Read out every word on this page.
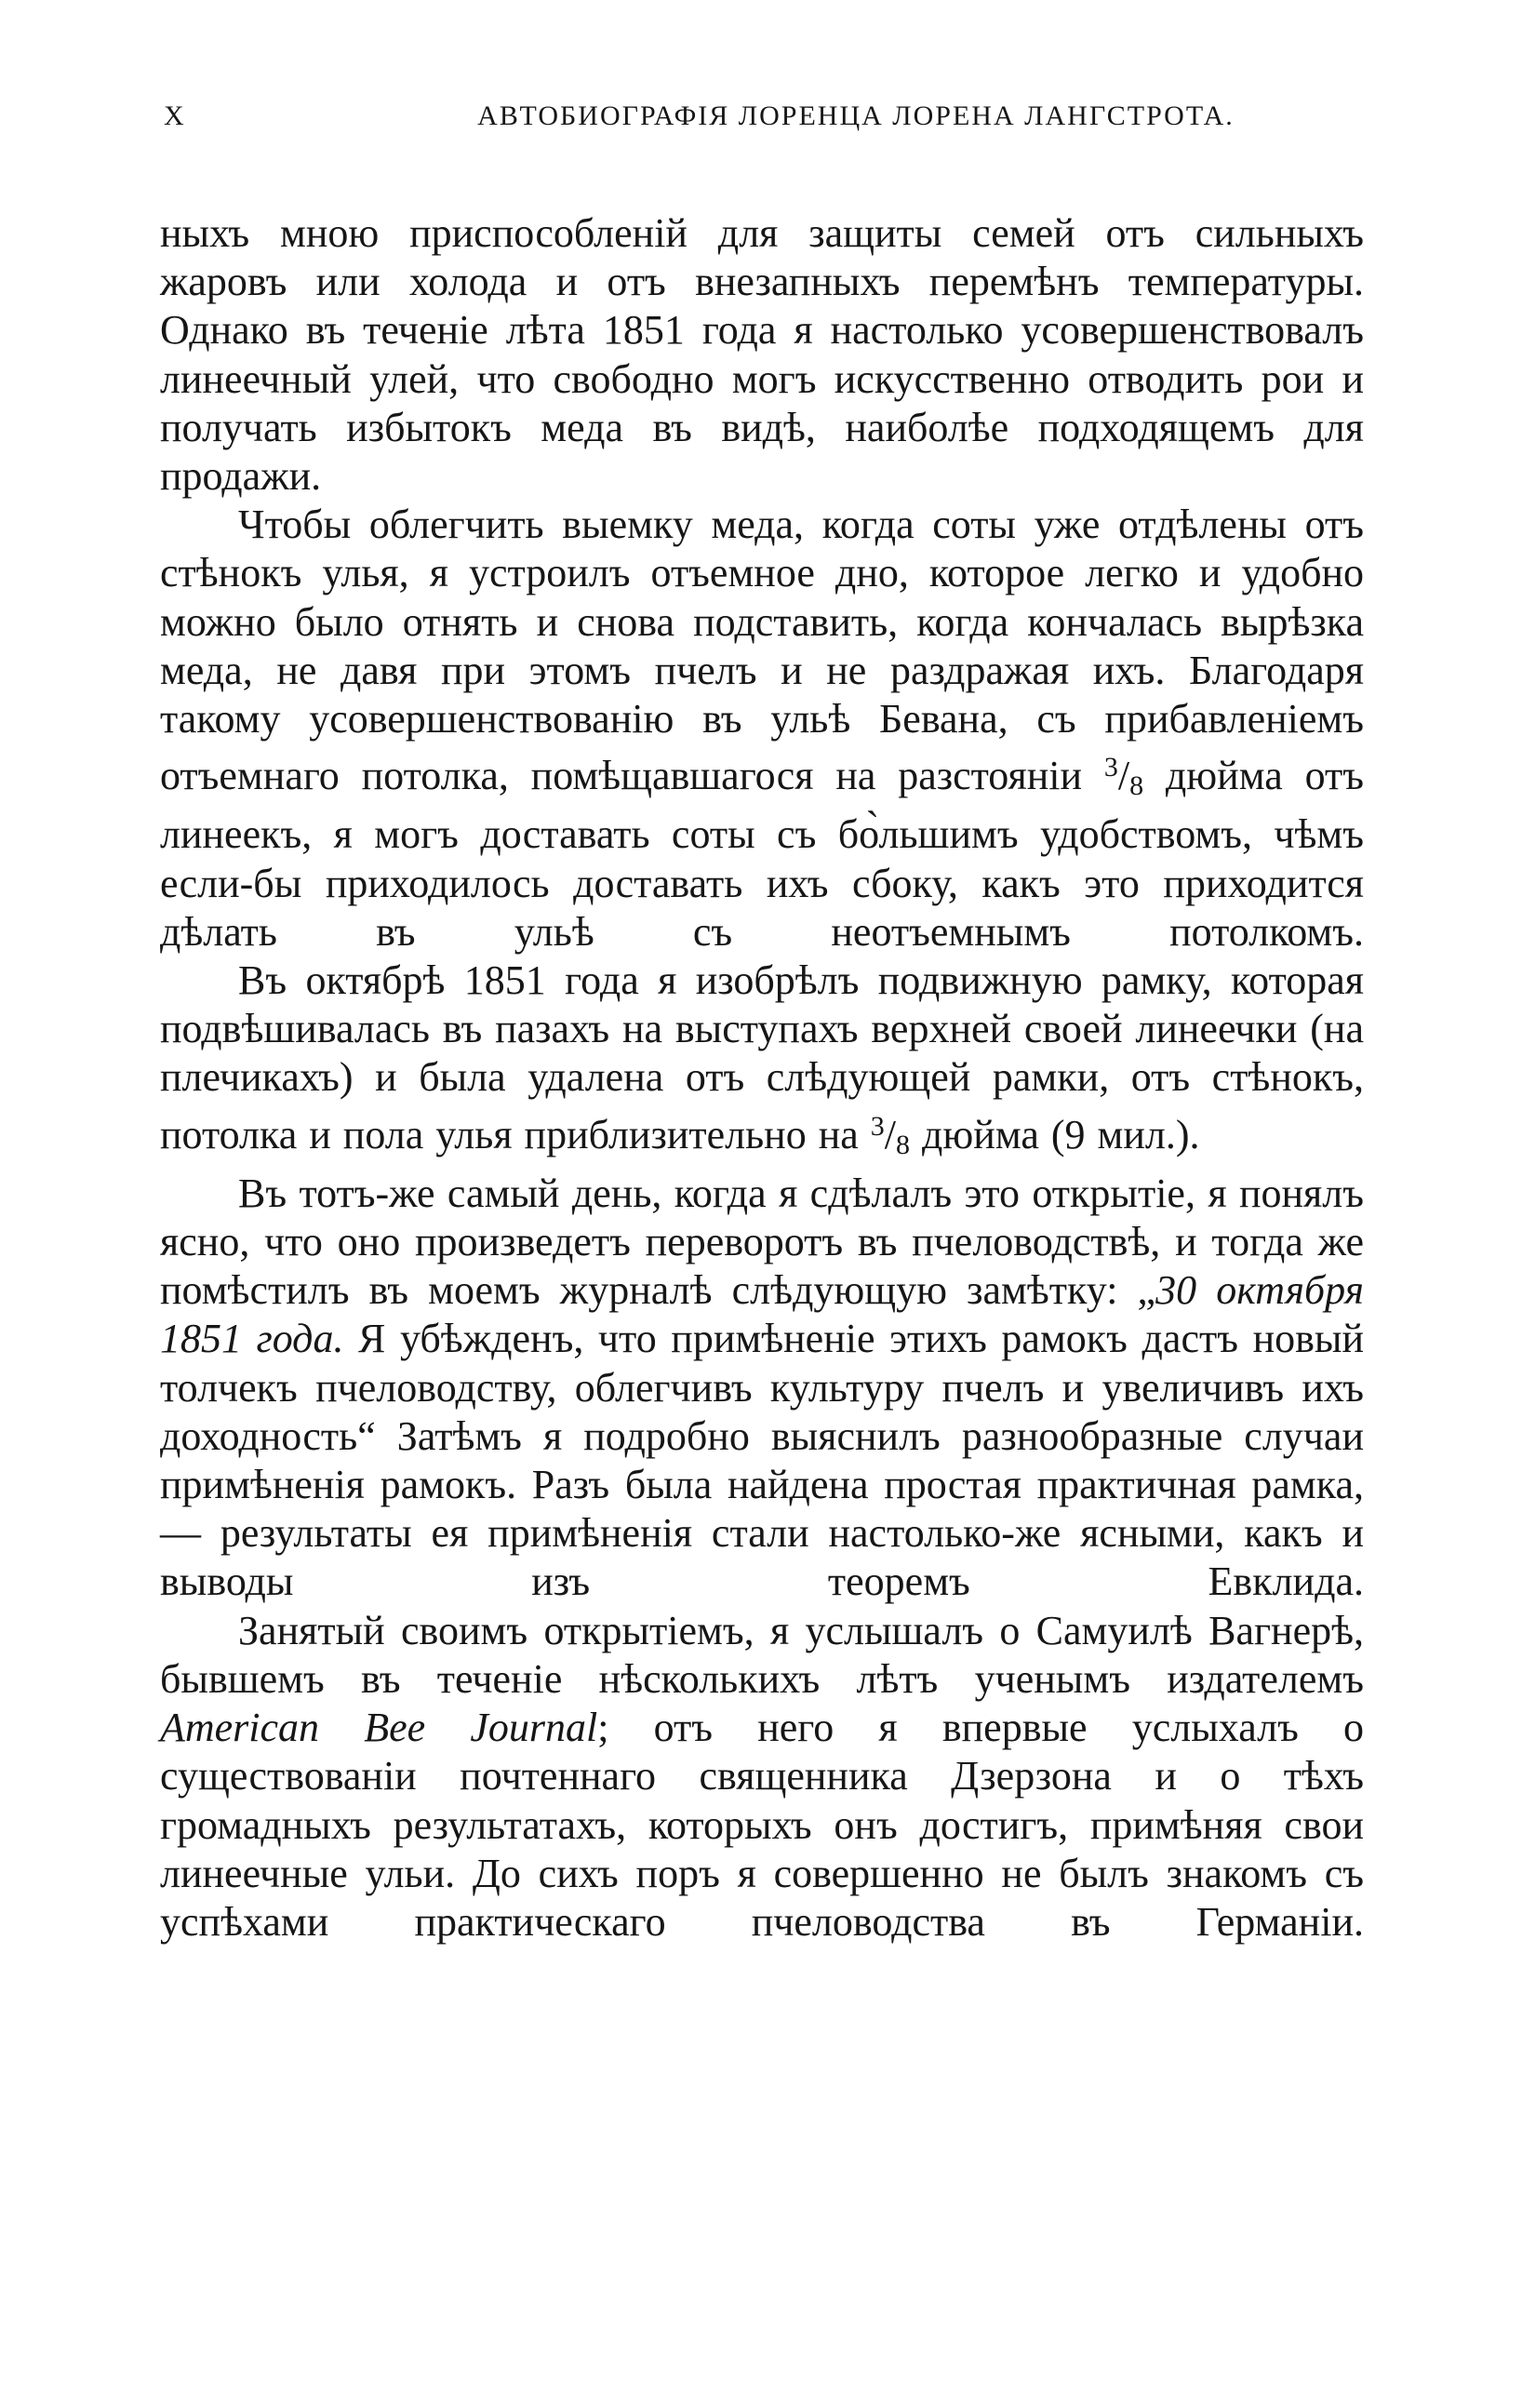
X	АВТОБИОГРАФІЯ ЛОРЕНЦА ЛОРЕНА ЛАНГСТРОТА.

ныхъ мною приспособленій для защиты семей отъ сильныхъ жаровъ или холода и отъ внезапныхъ перемѣнъ температуры. Однако въ теченіе лѣта 1851 года я настолько усовершенствовалъ линеечный улей, что свободно могъ искусственно отводить рои и получать избытокъ меда въ видѣ, наиболѣе подходящемъ для продажи.

Чтобы облегчить выемку меда, когда соты уже отдѣлены отъ стѣнокъ улья, я устроилъ отъемное дно, которое легко и удобно можно было отнять и снова подставить, когда кончалась вырѣзка меда, не давя при этомъ пчелъ и не раздражая ихъ. Благодаря такому усовершенствованію въ ульѣ Бевана, съ прибавленіемъ отъемнаго потолка, помѣщавшагося на разстояніи $^3$/8 дюйма отъ линеекъ, я могъ доставать соты съ бо̀льшимъ удобствомъ, чѣмъ если-бы приходилось доставать ихъ сбоку, какъ это приходится дѣлать въ ульѣ съ неотъемнымъ потолкомъ.

Въ октябрѣ 1851 года я изобрѣлъ подвижную рамку, которая подвѣшивалась въ пазахъ на выступахъ верхней своей линеечки (на плечикахъ) и была удалена отъ слѣдующей рамки, отъ стѣнокъ, потолка и пола улья приблизительно на $^3$/8 дюйма (9 мил.).

Въ тотъ-же самый день, когда я сдѣлалъ это открытіе, я понялъ ясно, что оно произведетъ переворотъ въ пчеловодствѣ, и тогда же помѣстилъ въ моемъ журналѣ слѣдующую замѣтку: „30 октября 1851 года. Я убѣжденъ, что примѣненіе этихъ рамокъ дастъ новый толчекъ пчеловодству, облегчивъ культуру пчелъ и увеличивъ ихъ доходность“ Затѣмъ я подробно выяснилъ разнообразные случаи примѣненія рамокъ. Разъ была найдена простая практичная рамка,— результаты ея примѣненія стали настолько-же ясными, какъ и выводы изъ теоремъ Евклида.

Занятый своимъ открытіемъ, я услышалъ о Самуилѣ Вагнерѣ, бывшемъ въ теченіе нѣсколькихъ лѣтъ ученымъ издателемъ American Bee Journal; отъ него я впервые услыхалъ о существованіи почтеннаго священника Дзерзона и о тѣхъ громадныхъ результатахъ, которыхъ онъ достигъ, примѣняя свои линеечные ульи. До сихъ поръ я совершенно не былъ знакомъ съ успѣхами практическаго пчеловодства въ Германіи.
